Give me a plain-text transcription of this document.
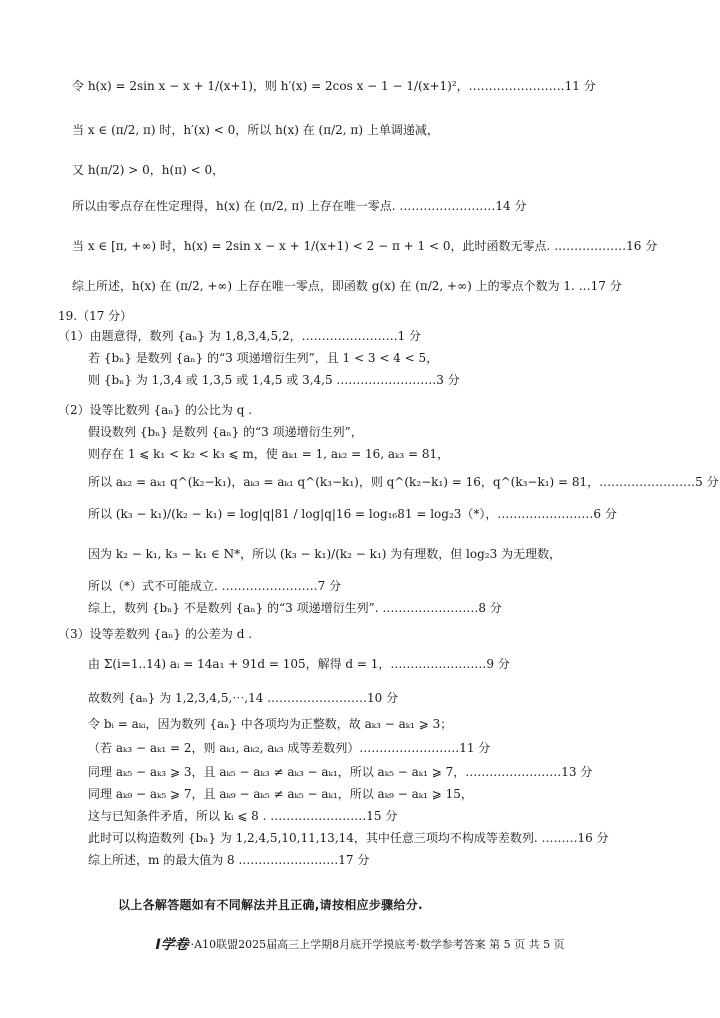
令 h(x) = 2sin x − x + 1/(x+1)，则 h′(x) = 2cos x − 1 − 1/(x+1)²，……………………11 分
当 x ∈ (π/2, π) 时，h′(x) < 0，所以 h(x) 在 (π/2, π) 上单调递减，
又 h(π/2) > 0，h(π) < 0，
所以由零点存在性定理得，h(x) 在 (π/2, π) 上存在唯一零点. ……………………14 分
当 x ∈ [π, +∞) 时，h(x) = 2sin x − x + 1/(x+1) < 2 − π + 1 < 0，此时函数无零点. ………………16 分
综上所述，h(x) 在 (π/2, +∞) 上存在唯一零点，即函数 g(x) 在 (π/2, +∞) 上的零点个数为 1. …17 分
19.（17 分）
（1）由题意得，数列 {aₙ} 为 1,8,3,4,5,2，……………………1 分
若 {bₙ} 是数列 {aₙ} 的“3 项递增衍生列”，且 1 < 3 < 4 < 5，
则 {bₙ} 为 1,3,4 或 1,3,5 或 1,4,5 或 3,4,5 .……………………3 分
（2）设等比数列 {aₙ} 的公比为 q .
假设数列 {bₙ} 是数列 {aₙ} 的“3 项递增衍生列”，
则存在 1 ⩽ k₁ < k₂ < k₃ ⩽ m，使 aₖ₁ = 1, aₖ₂ = 16, aₖ₃ = 81，
所以 aₖ₂ = aₖ₁ q^(k₂−k₁)，aₖ₃ = aₖ₁ q^(k₃−k₁)，则 q^(k₂−k₁) = 16，q^(k₃−k₁) = 81，……………………5 分
所以 (k₃ − k₁)/(k₂ − k₁) = log|q|81 / log|q|16 = log₁₆81 = log₂3（*），……………………6 分
因为 k₂ − k₁, k₃ − k₁ ∈ N*，所以 (k₃ − k₁)/(k₂ − k₁) 为有理数，但 log₂3 为无理数，
所以（*）式不可能成立. ……………………7 分
综上，数列 {bₙ} 不是数列 {aₙ} 的“3 项递增衍生列”. ……………………8 分
（3）设等差数列 {aₙ} 的公差为 d .
由 Σ(i=1..14) aᵢ = 14a₁ + 91d = 105，解得 d = 1，……………………9 分
故数列 {aₙ} 为 1,2,3,4,5,⋯,14 .……………………10 分
令 bᵢ = aₖᵢ，因为数列 {aₙ} 中各项均为正整数，故 aₖ₃ − aₖ₁ ⩾ 3；
（若 aₖ₃ − aₖ₁ = 2，则 aₖ₁, aₖ₂, aₖ₃ 成等差数列）.……………………11 分
同理 aₖ₅ − aₖ₃ ⩾ 3，且 aₖ₅ − aₖ₃ ≠ aₖ₃ − aₖ₁，所以 aₖ₅ − aₖ₁ ⩾ 7，……………………13 分
同理 aₖ₉ − aₖ₅ ⩾ 7，且 aₖ₉ − aₖ₅ ≠ aₖ₅ − aₖ₁，所以 aₖ₉ − aₖ₁ ⩾ 15，
这与已知条件矛盾，所以 kᵢ ⩽ 8 . ……………………15 分
此时可以构造数列 {bₙ} 为 1,2,4,5,10,11,13,14，其中任意三项均不构成等差数列. ………16 分
综上所述，m 的最大值为 8 .……………………17 分
以上各解答题如有不同解法并且正确,请按相应步骤给分.
I学卷 ·A10联盟2025届高三上学期8月底开学摸底考·数学参考答案 第 5 页 共 5 页
